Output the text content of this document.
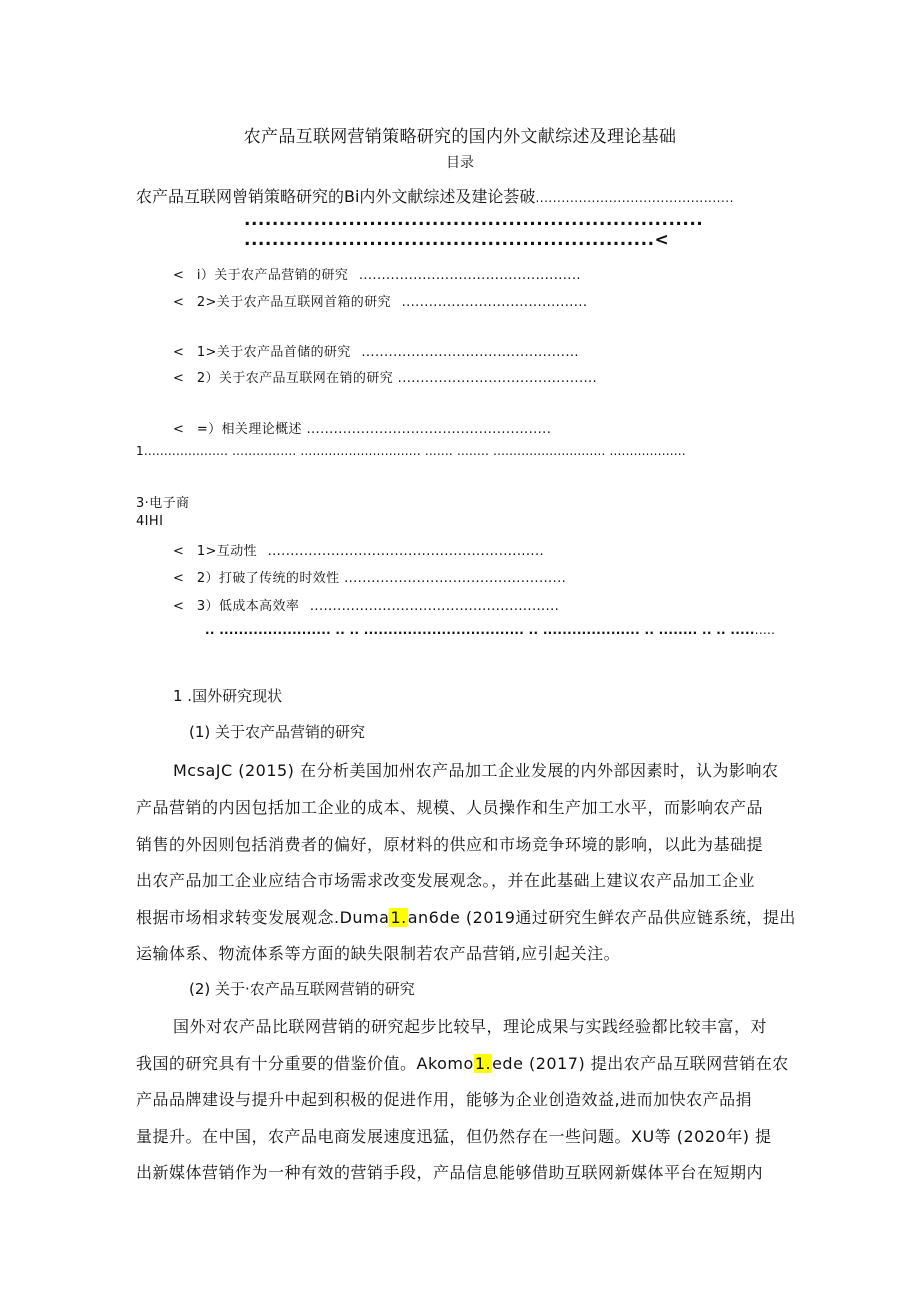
农产品互联网营销策略研究的国内外文献综述及理论基础
目录
农产品互联网曾销策略研究的Bi内外文献综述及建论荟破..............................................
..................................................................
...........................................................<
< i）关于农产品营销的研究 .................................................
< 2>关于农产品互联网首箱的研究 .........................................
< 1>关于农产品首储的研究 ................................................
< 2）关于农产品互联网在销的研究 ............................................
< =）相关理论概述 ......................................................
1..................... ................ .............................. ....... ........ ............................ ...................
3·电子商
4IHI
< 1>互动性 .............................................................
< 2）打破了传统的时效性 .................................................
< 3）低成本高效率 .......................................................
.. ....................... .. .. ................................. .. .................... .. ........ .. .. ..........
1 .国外研究现状
(1) 关于农产品营销的研究
McsaJC (2015) 在分析美国加州农产品加工企业发展的内外部因素时，认为影响农
产品营销的内因包括加工企业的成本、规模、人员操作和生产加工水平，而影响农产品
销售的外因则包括消费者的偏好，原材料的供应和市场竞争环境的影响，以此为基础提
出农产品加工企业应结合市场需求改变发展观念。，并在此基础上建议农产品加工企业
根据市场相求转变发展观念.Duma1.an6de (2019通过研究生鲜农产品供应链系统，提出
运输体系、物流体系等方面的缺失限制若农产品营销,应引起关注。
(2) 关于·农产品互联网营销的研究
国外对农产品比联网营销的研究起步比较早，理论成果与实践经验都比较丰富，对
我国的研究具有十分重要的借鉴价值。Akomo1.ede (2017) 提出农产品互联网营销在农
产品品牌建设与提升中起到积极的促进作用，能够为企业创造效益,进而加快农产品捐
量提升。在中国，农产品电商发展速度迅猛，但仍然存在一些问题。XU等 (2020年) 提
出新媒体营销作为一种有效的营销手段，产品信息能够借助互联网新媒体平台在短期内
